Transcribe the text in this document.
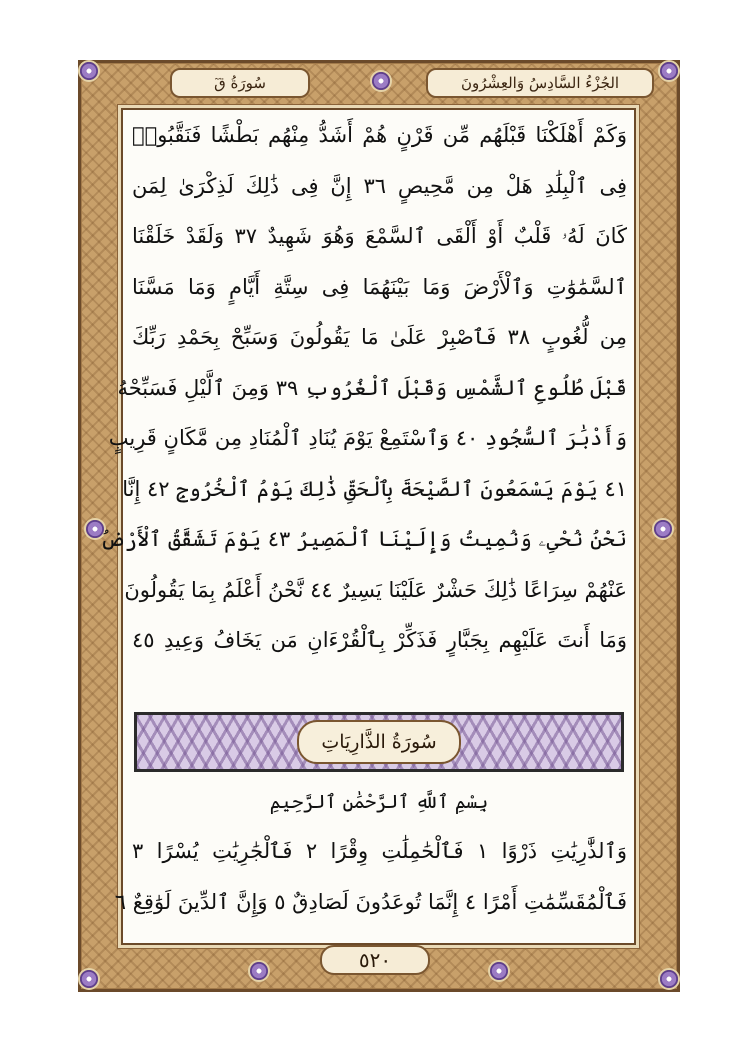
الجُزْءُ السَّادِسُ وَالعِشْرُونَ
سُورَةُ قٓ
وَكَمْ أَهْلَكْنَا قَبْلَهُم مِّن قَرْنٍ هُمْ أَشَدُّ مِنْهُم بَطْشًا فَنَقَّبُوا۟
فِى ٱلْبِلَٰدِ هَلْ مِن مَّحِيصٍ ٣٦ إِنَّ فِى ذَٰلِكَ لَذِكْرَىٰ لِمَن
كَانَ لَهُۥ قَلْبٌ أَوْ أَلْقَى ٱلسَّمْعَ وَهُوَ شَهِيدٌ ٣٧ وَلَقَدْ خَلَقْنَا
ٱلسَّمَٰوَٰتِ وَٱلْأَرْضَ وَمَا بَيْنَهُمَا فِى سِتَّةِ أَيَّامٍ وَمَا مَسَّنَا
مِن لُّغُوبٍ ٣٨ فَٱصْبِرْ عَلَىٰ مَا يَقُولُونَ وَسَبِّحْ بِحَمْدِ رَبِّكَ
قَبْلَ طُلُوعِ ٱلشَّمْسِ وَقَبْلَ ٱلْغُرُوبِ ٣٩ وَمِنَ ٱلَّيْلِ فَسَبِّحْهُ
وَأَدْبَٰرَ ٱلسُّجُودِ ٤٠ وَٱسْتَمِعْ يَوْمَ يُنَادِ ٱلْمُنَادِ مِن مَّكَانٍ قَرِيبٍ
٤١ يَوْمَ يَسْمَعُونَ ٱلصَّيْحَةَ بِٱلْحَقِّ ذَٰلِكَ يَوْمُ ٱلْخُرُوجِ ٤٢ إِنَّا
نَحْنُ نُحْىِۦ وَنُمِيتُ وَإِلَيْنَا ٱلْمَصِيرُ ٤٣ يَوْمَ تَشَقَّقُ ٱلْأَرْضُ
عَنْهُمْ سِرَاعًا ذَٰلِكَ حَشْرٌ عَلَيْنَا يَسِيرٌ ٤٤ نَّحْنُ أَعْلَمُ بِمَا يَقُولُونَ
وَمَا أَنتَ عَلَيْهِم بِجَبَّارٍ فَذَكِّرْ بِٱلْقُرْءَانِ مَن يَخَافُ وَعِيدِ ٤٥
سُورَةُ الذَّارِيَاتِ
بِسْمِ ٱللَّهِ ٱلرَّحْمَٰنِ ٱلرَّحِيمِ
وَٱلذَّٰرِيَٰتِ ذَرْوًا ١ فَٱلْحَٰمِلَٰتِ وِقْرًا ٢ فَٱلْجَٰرِيَٰتِ يُسْرًا ٣
فَٱلْمُقَسِّمَٰتِ أَمْرًا ٤ إِنَّمَا تُوعَدُونَ لَصَادِقٌ ٥ وَإِنَّ ٱلدِّينَ لَوَٰقِعٌ ٦
٥٢٠
